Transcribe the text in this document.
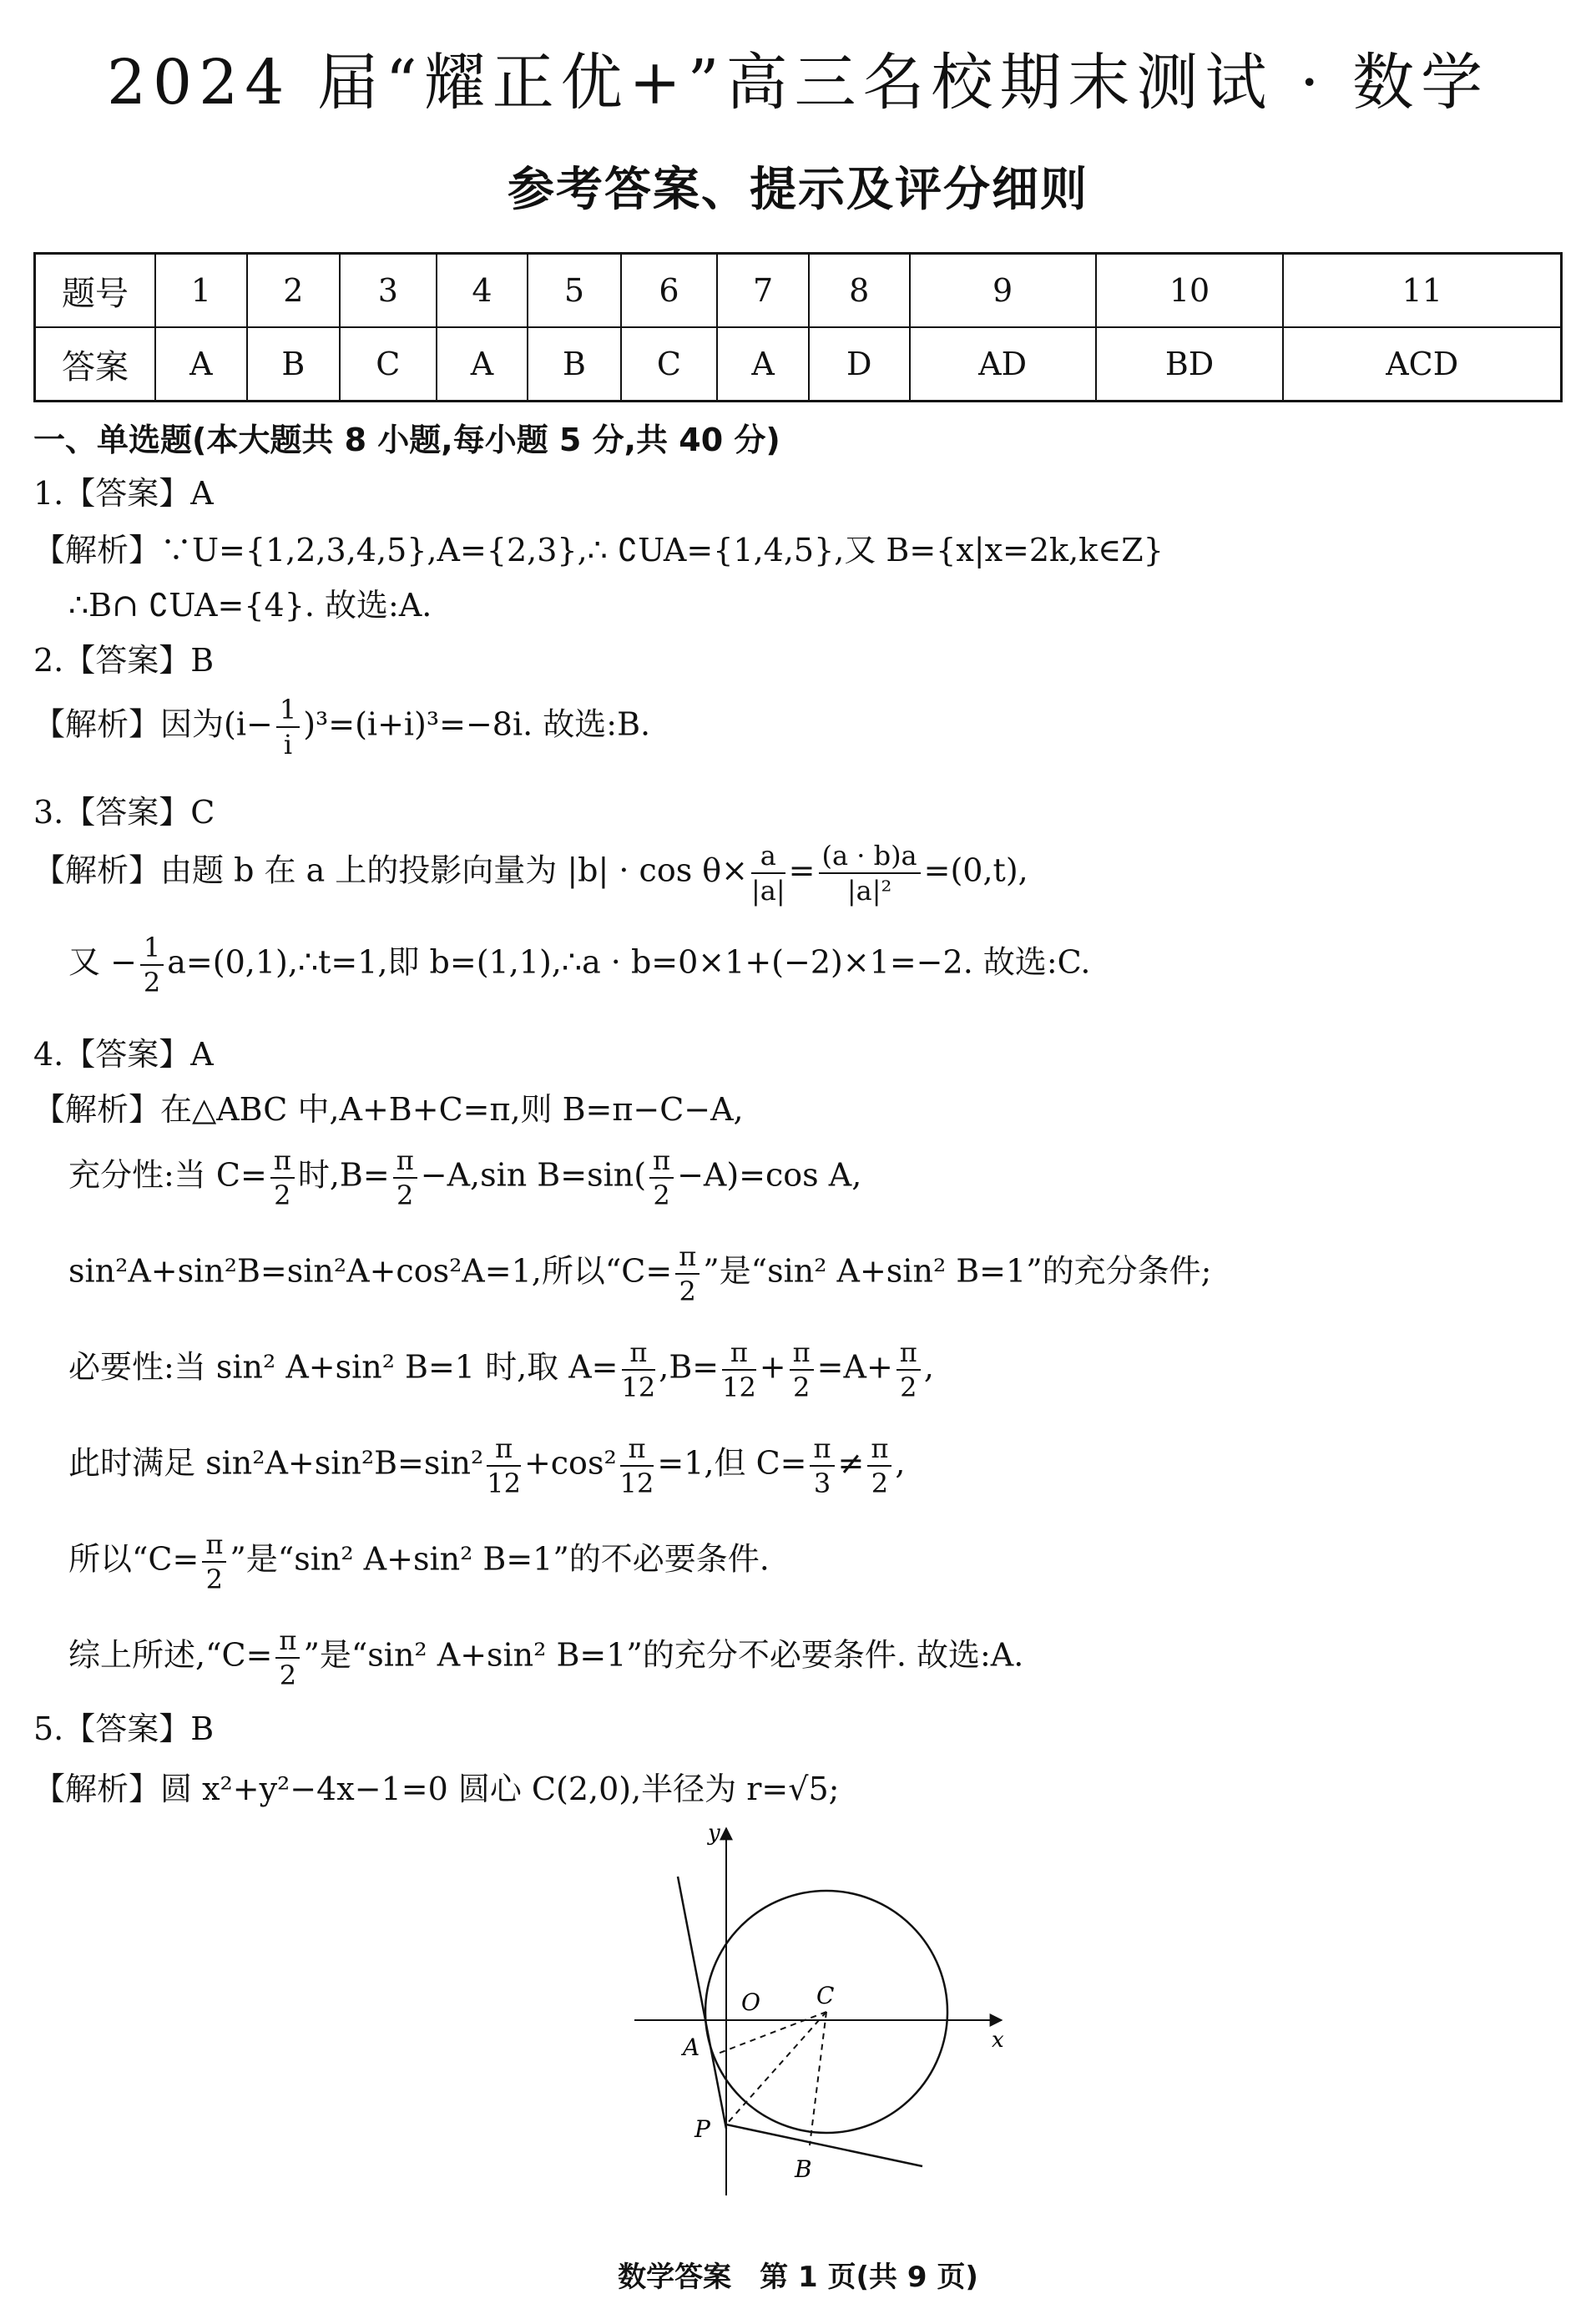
2024 届“耀正优+”高三名校期末测试 · 数学
参考答案、提示及评分细则
题号	1	2	3	4	5	6	7	8	9	10	11
答案	A	B	C	A	B	C	A	D	AD	BD	ACD
一、单选题(本大题共 8 小题,每小题 5 分,共 40 分)
1.【答案】A
【解析】∵U={1,2,3,4,5},A={2,3},∴ ∁UA={1,4,5},又 B={x|x=2k,k∈Z}
∴B∩ ∁UA={4}. 故选:A.
2.【答案】B
【解析】因为$(i- \frac{1}{i} )^3=(i+i)^3=-8i$. 故选:B.
3.【答案】C
【解析】由题 b 在 a 上的投影向量为 $|b| \cdot \cos \theta\times \frac{a}{|a|} = \frac{(a \cdot b)a}{\text{|a|²}} =(0,t)$,
又 − $\frac{1}{2}$ a=(0,1),∴t=1,即 b=(1,1),∴a · b=0×1+(−2)×1=−2. 故选:C.
4.【答案】A
【解析】在△ABC 中,A+B+C=π,则 B=π−C−A,
充分性:当 $C= \frac{\pi}{2}$ 时$,B= \frac{\pi}{2} -A,\sin$ $B=\sin( \frac{\pi}{2} -A)=\cos$ A,
sin²A+sin²B=sin²A+cos²A=1,所以“$C= \frac{\pi}{2}$ ”是“sin² A+sin² B=1”的充分条件;
必要性:当 sin² A+sin² B=1 时,取 $A= \frac{\pi}{12} ,B= \frac{\pi}{12} + \frac{\pi}{2} =A+ \frac{\pi}{2}$ ,
此时满足 $\sin^2A+\sin^2B=\sin^2 \frac{\pi}{12} +\cos^2 \frac{\pi}{12} =1$,但 $C= \frac{\pi}{3} \ne \frac{\pi}{2}$ ,
所以“$C= \frac{\pi}{2}$ ”是“sin² A+sin² B=1”的不必要条件.
综上所述,“C= $\frac{\pi}{2}$ ”是“sin² A+sin² B=1”的充分不必要条件. 故选:A.
5.【答案】B
【解析】圆 x²+y²−4x−1=0 圆心 C(2,0),半径为 r=√5;
y
x
O C
A
P
B
数学答案　第 1 页(共 9 页)
